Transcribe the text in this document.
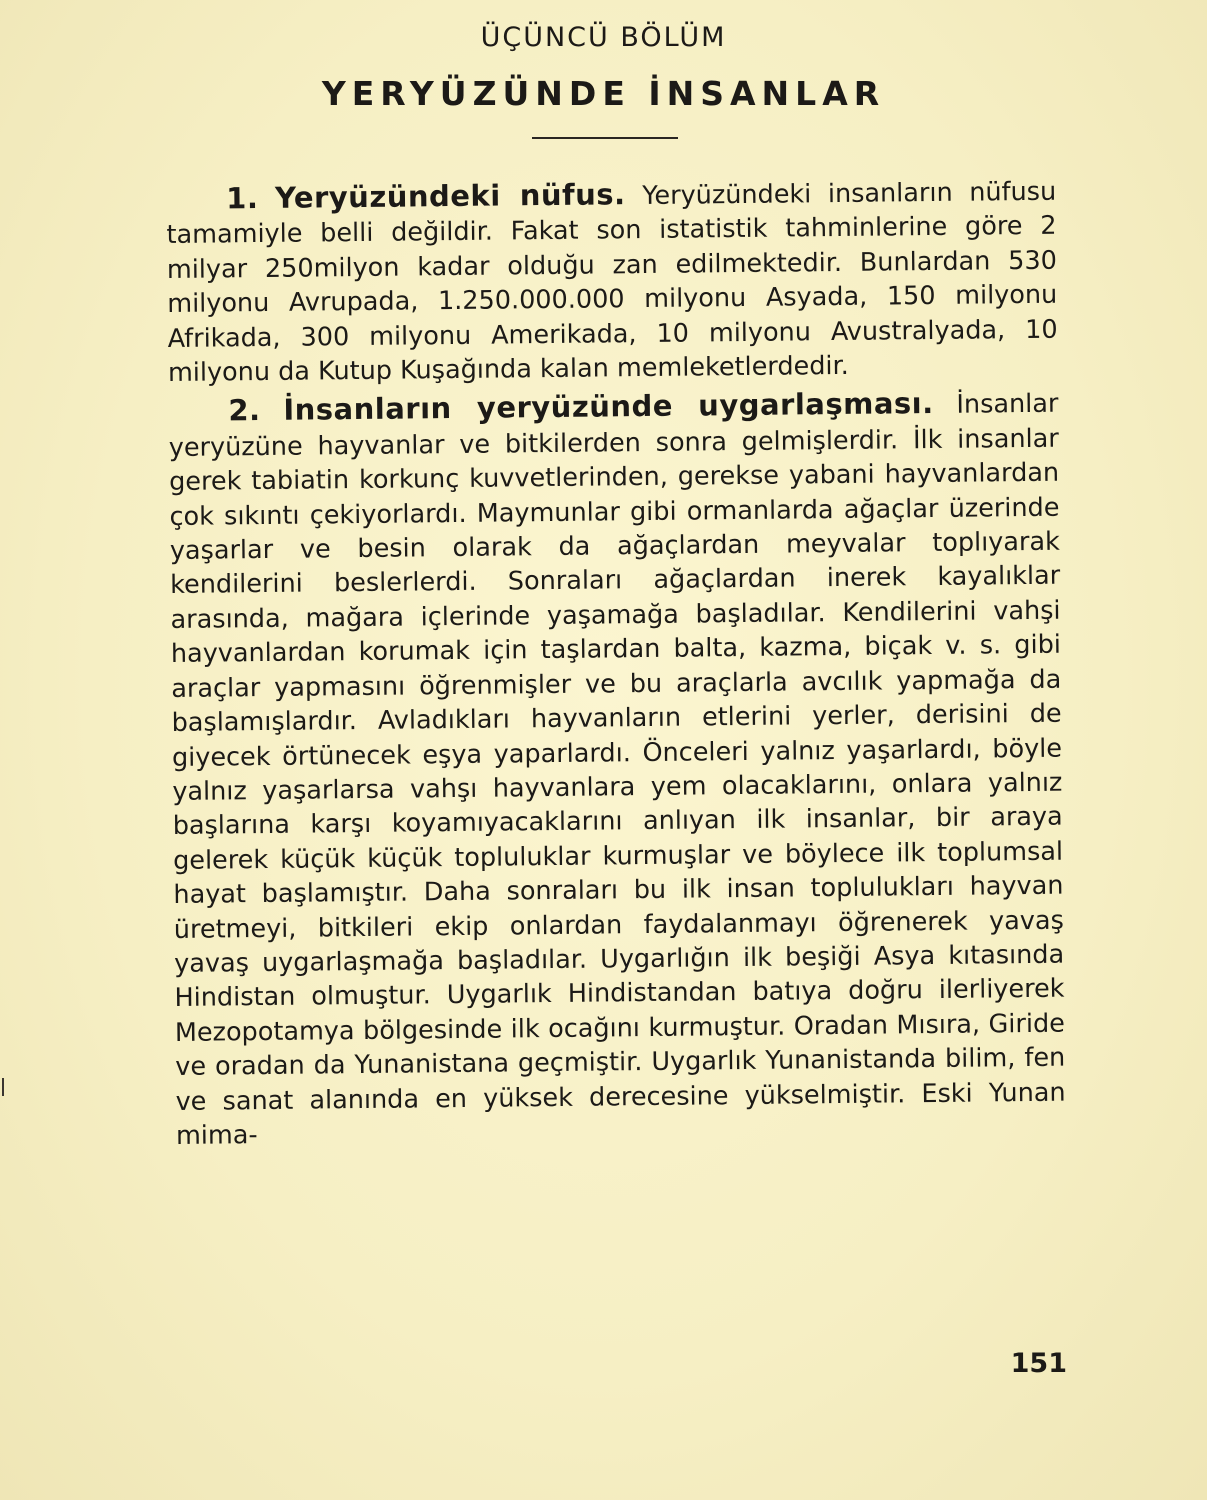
ÜÇÜNCÜ BÖLÜM
YERYÜZÜNDE İNSANLAR

1. Yeryüzündeki nüfus. Yeryüzündeki insanların nüfusu tamamiyle belli değildir. Fakat son istatistik tahminlerine göre 2 milyar 250milyon kadar olduğu zan edilmektedir. Bunlardan 530 milyonu Avrupada, 1.250.000.000 milyonu Asyada, 150 milyonu Afrikada, 300 milyonu Amerikada, 10 milyonu Avustralyada, 10 milyonu da Kutup Kuşağında kalan memleketlerdedir.

2. İnsanların yeryüzünde uygarlaşması. İnsanlar yeryüzüne hayvanlar ve bitkilerden sonra gelmişlerdir. İlk insanlar gerek tabiatin korkunç kuvvetlerinden, gerekse yabani hayvanlardan çok sıkıntı çekiyorlardı. Maymunlar gibi ormanlarda ağaçlar üzerinde yaşarlar ve besin olarak da ağaçlardan meyvalar toplıyarak kendilerini beslerlerdi. Sonraları ağaçlardan inerek kayalıklar arasında, mağara içlerinde yaşamağa başladılar. Kendilerini vahşi hayvanlardan korumak için taşlardan balta, kazma, biçak v. s. gibi araçlar yapmasını öğrenmişler ve bu araçlarla avcılık yapmağa da başlamışlardır. Avladıkları hayvanların etlerini yerler, derisini de giyecek örtünecek eşya yaparlardı. Önceleri yalnız yaşarlardı, böyle yalnız yaşarlarsa vahşı hayvanlara yem olacaklarını, onlara yalnız başlarına karşı koyamıyacaklarını anlıyan ilk insanlar, bir araya gelerek küçük küçük topluluklar kurmuşlar ve böylece ilk toplumsal hayat başlamıştır. Daha sonraları bu ilk insan toplulukları hayvan üretmeyi, bitkileri ekip onlardan faydalanmayı öğrenerek yavaş yavaş uygarlaşmağa başladılar. Uygarlığın ilk beşiği Asya kıtasında Hindistan olmuştur. Uygarlık Hindistandan batıya doğru ilerliyerek Mezopotamya bölgesinde ilk ocağını kurmuştur. Oradan Mısıra, Giride ve oradan da Yunanistana geçmiştir. Uygarlık Yunanistanda bilim, fen ve sanat alanında en yüksek derecesine yükselmiştir. Eski Yunan mima-

151
